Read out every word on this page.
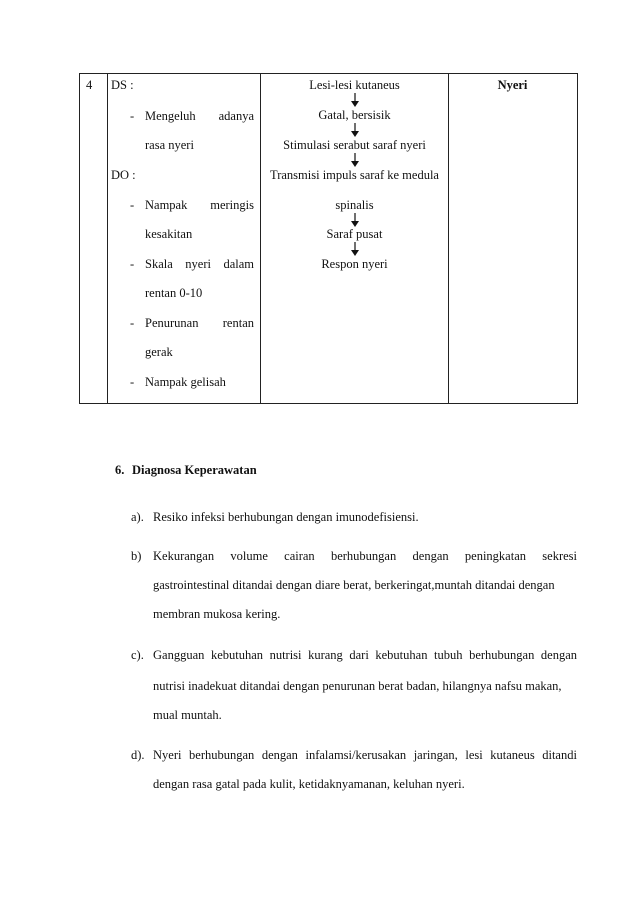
4 DS :
- Mengeluh adanya
rasa nyeri
DO :
- Nampak meringis
kesakitan
- Skala nyeri dalam
rentan 0-10
- Penurunan rentan
gerak
- Nampak gelisah
Lesi-lesi kutaneus
Gatal, bersisik
Stimulasi serabut saraf nyeri
Transmisi impuls saraf ke medula
spinalis
Saraf pusat
Respon nyeri
Nyeri
6. Diagnosa Keperawatan
a). Resiko infeksi berhubungan dengan imunodefisiensi.
b) Kekurangan volume cairan berhubungan dengan peningkatan sekresi
gastrointestinal ditandai dengan diare berat, berkeringat,muntah ditandai dengan
membran mukosa kering.
c). Gangguan kebutuhan nutrisi kurang dari kebutuhan tubuh berhubungan dengan
nutrisi inadekuat ditandai dengan penurunan berat badan, hilangnya nafsu makan,
mual muntah.
d). Nyeri berhubungan dengan infalamsi/kerusakan jaringan, lesi kutaneus ditandi
dengan rasa gatal pada kulit, ketidaknyamanan, keluhan nyeri.
